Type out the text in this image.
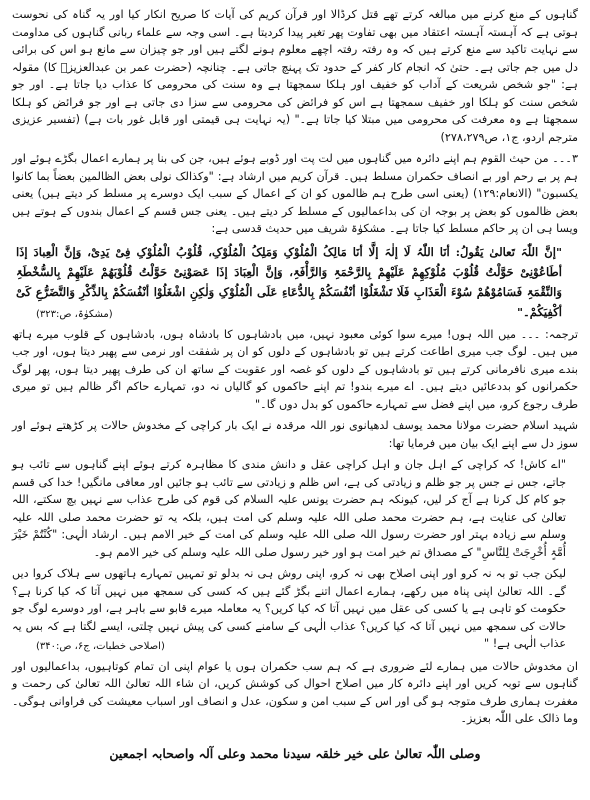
گناہوں کے منع کرنے میں مبالغہ کرتے تھے قتل کرڈالا اور قرآن کریم کی آیات کا صریح انکار کیا اور یہ گناہ کی نحوست ہوتی ہے کہ آہستہ آہستہ اعتقاد میں بھی تفاوت پھر تغیر پیدا کردیتا ہے۔ اسی وجہ سے علماء ربانی گناہوں کی مداومت سے نہایت تاکید سے منع کرتے ہیں کہ وہ رفتہ رفتہ اچھے معلوم ہونے لگتے ہیں اور جو چیزان سے مانع ہو اس کی برائی دل میں جم جاتی ہے۔ حتیٰ کہ انجام کار کفر کے حدود تک پہنچ جاتی ہے۔ چنانچہ (حضرت عمر بن عبدالعزیزؒ کا) مقولہ ہے: "جو شخص شریعت کے آداب کو خفیف اور ہلکا سمجھتا ہے وہ سنت کی محرومی کا عذاب دیا جاتا ہے۔ اور جو شخص سنت کو ہلکا اور خفیف سمجھتا ہے اس کو فرائض کی محرومی سے سزا دی جاتی ہے اور جو فرائض کو ہلکا سمجھتا ہے وہ معرفت کی محرومی میں مبتلا کیا جاتا ہے۔" (یہ نہایت ہی قیمتی اور قابل غور بات ہے) (تفسیر عزیزی مترجم اردو، ج۱، ص۲۷۸،۲۷۹)

۳۔۔۔ من حیث القوم ہم اپنے دائرہ میں گناہوں میں لت پت اور ڈوبے ہوئے ہیں، جن کی بنا پر ہمارے اعمال بگڑے ہوئے اور ہم پر بے رحم اور بے انصاف حکمران مسلط ہیں۔ قرآن کریم میں ارشاد ہے: "وکذالک نولی بعض الظالمین بعضاً بما کانوا یکسبون" (الانعام:۱۲۹) (یعنی اسی طرح ہم ظالموں کو ان کے اعمال کے سبب ایک دوسرے پر مسلط کر دیتے ہیں) یعنی بعض ظالموں کو بعض پر بوجہ ان کی بداعمالیوں کے مسلط کر دیتے ہیں۔ یعنی جس قسم کے اعمال بندوں کے ہوتے ہیں ویسا ہی ان پر حاکم مسلط کیا جاتا ہے۔ مشکوٰۃ شریف میں حدیث قدسی ہے:

"إنَّ اللّٰہَ تَعالیٰ یَقُولُ: أنَا اللّٰہُ لَا إلٰہَ إلَّا أنَا مَالِکُ الْمُلُوْکِ وَمَلِکُ الْمُلُوْکِ، قُلُوْبُ الْمُلُوْکِ فِیْ یَدِیْ، وَإنَّ الْعِبادَ إذَا أطَاعُوْنِیْ حَوَّلْتُ قُلُوْبَ مُلُوْکِھِمْ عَلَیْھِمْ بِالرَّحْمَۃِ وَالرَّأْفَۃِ، وَإنَّ الْعِبَادَ إذَا عَصَوْنِیْ حَوَّلْتُ قُلُوْبَھُمْ عَلَیْھِمْ بِالسُّخْطَۃِ وَالنِّقْمَۃِ فَسَامُوْھُمْ سُوْءَ الْعَذَابِ فَلَا تَشْغَلُوْا أنْفُسَکُمْ بِالدُّعَاءِ عَلَی الْمُلُوْکِ وَلٰکِنِ اشْغَلُوْا أنْفُسَکُمْ بِالذِّکْرِ وَالتَّضَرُّعِ کَیْ أکْفِیَکُمْ۔"

(مشکوٰۃ، ص:۳۲۳)

ترجمہ: ۔۔۔ میں اللہ ہوں! میرے سوا کوئی معبود نہیں، میں بادشاہوں کا بادشاہ ہوں، بادشاہوں کے قلوب میرے ہاتھ میں ہیں۔ لوگ جب میری اطاعت کرتے ہیں تو بادشاہوں کے دلوں کو ان پر شفقت اور نرمی سے پھیر دیتا ہوں، اور جب بندے میری نافرمانی کرتے ہیں تو بادشاہوں کے دلوں کو غصہ اور عقوبت کے ساتھ ان کی طرف پھیر دیتا ہوں، پھر لوگ حکمرانوں کو بددعائیں دیتے ہیں۔ اے میرے بندو! تم اپنے حاکموں کو گالیاں نہ دو، تمہارے حاکم اگر ظالم ہیں تو میری طرف رجوع کرو، میں اپنے فضل سے تمہارے حاکموں کو بدل دوں گا۔"

شہید اسلام حضرت مولانا محمد یوسف لدھیانوی نور اللہ مرقدہ نے ایک بار کراچی کے مخدوش حالات پر کڑھتے ہوئے اور سوز دل سے اپنے ایک بیان میں فرمایا تھا:

"اے کاش! کہ کراچی کے اہل جان و اہل کراچی عقل و دانش مندی کا مظاہرہ کرتے ہوئے اپنے گناہوں سے تائب ہو جاتے، جس نے جس پر جو ظلم و زیادتی کی ہے، اس ظلم و زیادتی سے تائب ہو جائیں اور معافی مانگیں! خدا کی قسم جو کام کل کرنا ہے آج کر لیں، کیونکہ ہم حضرت یونس علیہ السلام کی قوم کی طرح عذاب سے نہیں بچ سکتے، اللہ تعالیٰ کی عنایت ہے، ہم حضرت محمد صلی اللہ علیہ وسلم کی امت ہیں، بلکہ یہ تو حضرت محمد صلی اللہ علیہ وسلم سے زیادہ بہتر اور حضرت رسول اللہ صلی اللہ علیہ وسلم کی امت کے خیر الامم ہیں۔ ارشاد الٰہی: "کُنْتُمْ خَیْرَ أُمَّۃٍ أُخْرِجَتْ لِلنَّاسِ" کے مصداق تم خیر امت ہو اور خیر رسول صلی اللہ علیہ وسلم کی خیر الامم ہو۔

لیکن جب تو بہ نہ کرو اور اپنی اصلاح بھی نہ کرو، اپنی روش ہی نہ بدلو تو تمہیں تمہارے ہاتھوں سے ہلاک کروا دیں گے۔ اللہ تعالیٰ اپنی پناہ میں رکھے، ہمارے اعمال اتنے بگڑ گئے ہیں کہ کسی کی سمجھ میں نہیں آتا کہ کیا کرنا ہے؟ حکومت کو تاہی ہے یا کسی کی عقل میں نہیں آتا کہ کیا کریں؟ یہ معاملہ میرے قابو سے باہر ہے، اور دوسرے لوگ جو حالات کی سمجھ میں نہیں آتا کہ کیا کریں؟ عذاب الٰہی کے سامنے کسی کی پیش نہیں چلتی، ایسے لگتا ہے کہ بس یہ عذاب الٰہی ہے! "

(اصلاحی خطبات، ج۶، ص:۳۴۰)

ان مخدوش حالات میں ہمارے لئے ضروری ہے کہ ہم سب حکمران ہوں یا عوام اپنی ان تمام کوتاہیوں، بداعمالیوں اور گناہوں سے توبہ کریں اور اپنے دائرہ کار میں اصلاح احوال کی کوشش کریں، ان شاء اللہ تعالیٰ اللہ تعالیٰ کی رحمت و مغفرت ہماری طرف متوجہ ہو گی اور اس کے سبب امن و سکون، عدل و انصاف اور اسباب معیشت کی فراوانی ہوگی۔ وما ذالک علی اللّٰہ بعزیز۔

وصلی اللّٰہ تعالیٰ علی خیر خلقہ سیدنا محمد وعلی آلہ واصحابہ اجمعین
